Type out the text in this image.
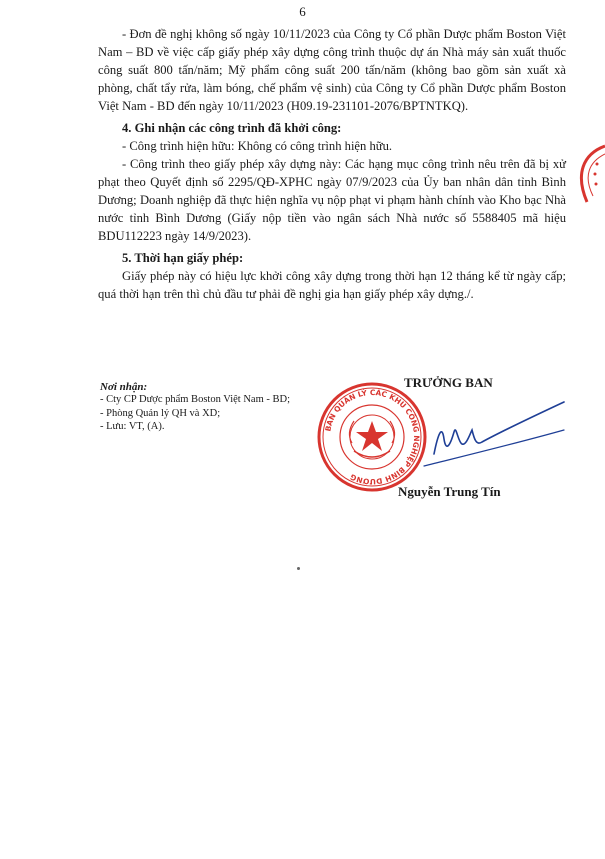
6

- Đơn đề nghị không số ngày 10/11/2023 của Công ty Cổ phần Dược phẩm Boston Việt Nam – BD về việc cấp giấy phép xây dựng công trình thuộc dự án Nhà máy sản xuất thuốc công suất 800 tấn/năm; Mỹ phẩm công suất 200 tấn/năm (không bao gồm sản xuất xà phòng, chất tẩy rửa, làm bóng, chế phẩm vệ sinh) của Công ty Cổ phần Dược phẩm Boston Việt Nam - BD đến ngày 10/11/2023 (H09.19-231101-2076/BPTNTKQ).

4. Ghi nhận các công trình đã khởi công:

- Công trình hiện hữu: Không có công trình hiện hữu.

- Công trình theo giấy phép xây dựng này: Các hạng mục công trình nêu trên đã bị xử phạt theo Quyết định số 2295/QĐ-XPHC ngày 07/9/2023 của Ủy ban nhân dân tỉnh Bình Dương; Doanh nghiệp đã thực hiện nghĩa vụ nộp phạt vi phạm hành chính vào Kho bạc Nhà nước tỉnh Bình Dương (Giấy nộp tiền vào ngân sách Nhà nước số 5588405 mã hiệu BDU112223 ngày 14/9/2023).

5. Thời hạn giấy phép:

Giấy phép này có hiệu lực khởi công xây dựng trong thời hạn 12 tháng kể từ ngày cấp; quá thời hạn trên thì chủ đầu tư phải đề nghị gia hạn giấy phép xây dựng./.

Nơi nhận:
- Cty CP Dược phẩm Boston Việt Nam - BD;
- Phòng Quản lý QH và XD;
- Lưu: VT, (A).	BAN QUẢN LÝ CÁC KHU CÔNG NGHIỆP BÌNH DƯƠNG
TRƯỞNG BAN
Nguyễn Trung Tín
